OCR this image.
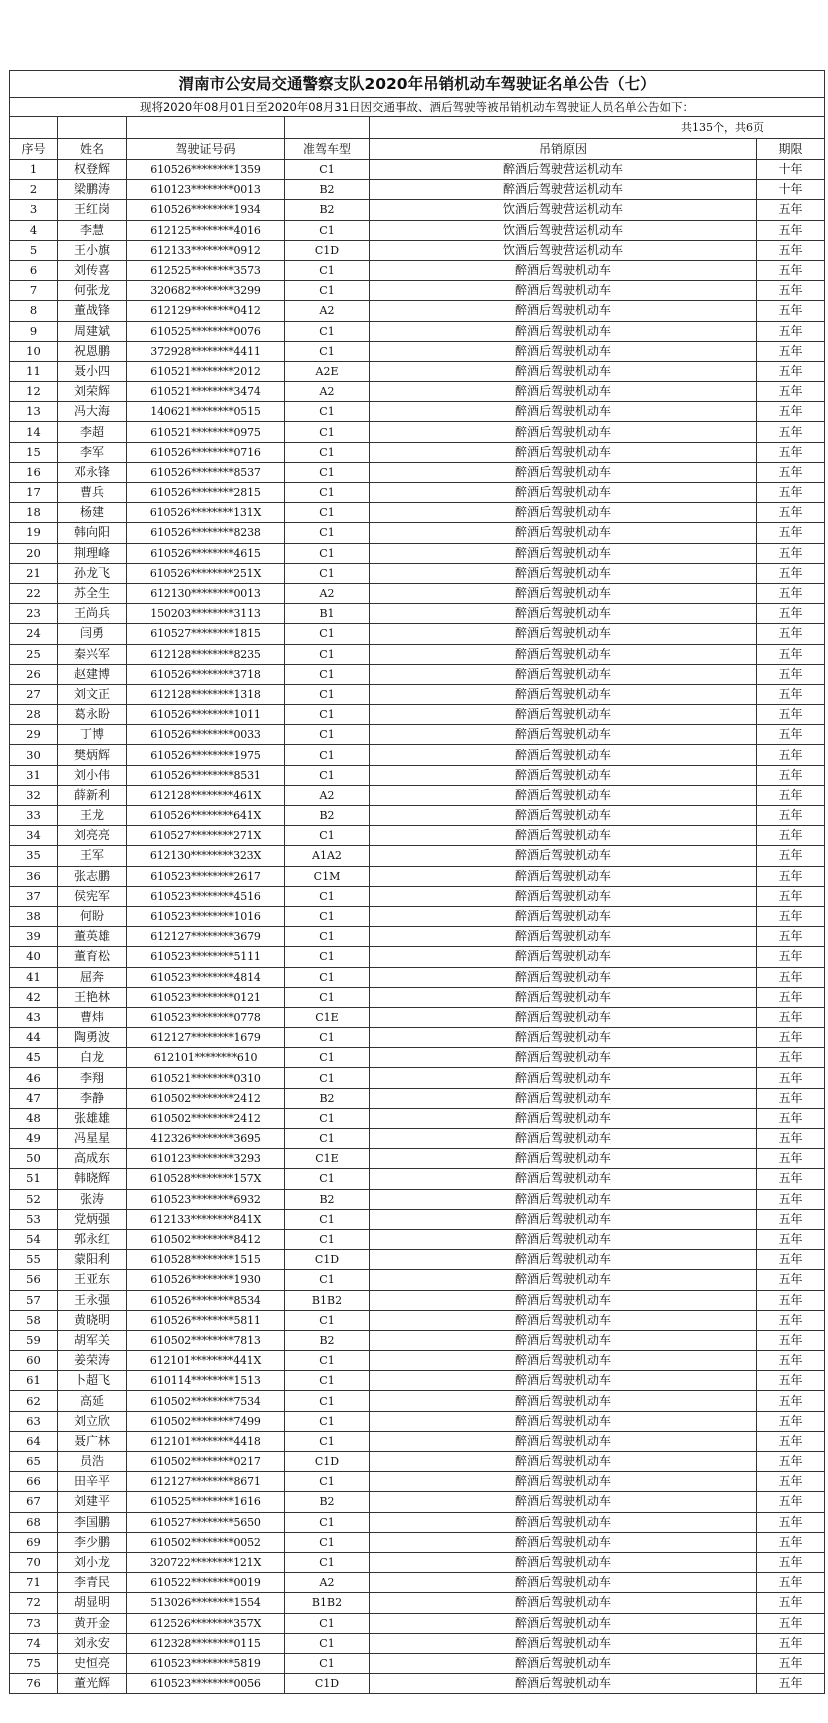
渭南市公安局交通警察支队2020年吊销机动车驾驶证名单公告（七）					
现将2020年08月01日至2020年08月31日因交通事故、酒后驾驶等被吊销机动车驾驶证人员名单公告如下：					
				共135个，共6页	
序号	姓名	驾驶证号码	准驾车型	吊销原因	期限
1	权登辉	610526********1359	C1	醉酒后驾驶营运机动车	十年
2	梁鹏涛	610123********0013	B2	醉酒后驾驶营运机动车	十年
3	王红岗	610526********1934	B2	饮酒后驾驶营运机动车	五年
4	李慧	612125********4016	C1	饮酒后驾驶营运机动车	五年
5	王小旗	612133********0912	C1D	饮酒后驾驶营运机动车	五年
6	刘传喜	612525********3573	C1	醉酒后驾驶机动车	五年
7	何张龙	320682********3299	C1	醉酒后驾驶机动车	五年
8	董战锋	612129********0412	A2	醉酒后驾驶机动车	五年
9	周建斌	610525********0076	C1	醉酒后驾驶机动车	五年
10	祝恩鹏	372928********4411	C1	醉酒后驾驶机动车	五年
11	聂小四	610521********2012	A2E	醉酒后驾驶机动车	五年
12	刘荣辉	610521********3474	A2	醉酒后驾驶机动车	五年
13	冯大海	140621********0515	C1	醉酒后驾驶机动车	五年
14	李超	610521********0975	C1	醉酒后驾驶机动车	五年
15	李军	610526********0716	C1	醉酒后驾驶机动车	五年
16	邓永锋	610526********8537	C1	醉酒后驾驶机动车	五年
17	曹兵	610526********2815	C1	醉酒后驾驶机动车	五年
18	杨建	610526********131X	C1	醉酒后驾驶机动车	五年
19	韩向阳	610526********8238	C1	醉酒后驾驶机动车	五年
20	荆理峰	610526********4615	C1	醉酒后驾驶机动车	五年
21	孙龙飞	610526********251X	C1	醉酒后驾驶机动车	五年
22	苏全生	612130********0013	A2	醉酒后驾驶机动车	五年
23	王尚兵	150203********3113	B1	醉酒后驾驶机动车	五年
24	闫勇	610527********1815	C1	醉酒后驾驶机动车	五年
25	秦兴军	612128********8235	C1	醉酒后驾驶机动车	五年
26	赵建博	610526********3718	C1	醉酒后驾驶机动车	五年
27	刘文正	612128********1318	C1	醉酒后驾驶机动车	五年
28	葛永盼	610526********1011	C1	醉酒后驾驶机动车	五年
29	丁博	610526********0033	C1	醉酒后驾驶机动车	五年
30	樊炳辉	610526********1975	C1	醉酒后驾驶机动车	五年
31	刘小伟	610526********8531	C1	醉酒后驾驶机动车	五年
32	薛新利	612128********461X	A2	醉酒后驾驶机动车	五年
33	王龙	610526********641X	B2	醉酒后驾驶机动车	五年
34	刘亮亮	610527********271X	C1	醉酒后驾驶机动车	五年
35	王军	612130********323X	A1A2	醉酒后驾驶机动车	五年
36	张志鹏	610523********2617	C1M	醉酒后驾驶机动车	五年
37	侯宪军	610523********4516	C1	醉酒后驾驶机动车	五年
38	何盼	610523********1016	C1	醉酒后驾驶机动车	五年
39	董英雄	612127********3679	C1	醉酒后驾驶机动车	五年
40	董育松	610523********5111	C1	醉酒后驾驶机动车	五年
41	屈奔	610523********4814	C1	醉酒后驾驶机动车	五年
42	王艳林	610523********0121	C1	醉酒后驾驶机动车	五年
43	曹炜	610523********0778	C1E	醉酒后驾驶机动车	五年
44	陶勇波	612127********1679	C1	醉酒后驾驶机动车	五年
45	白龙	612101********610	C1	醉酒后驾驶机动车	五年
46	李翔	610521********0310	C1	醉酒后驾驶机动车	五年
47	李静	610502********2412	B2	醉酒后驾驶机动车	五年
48	张雄雄	610502********2412	C1	醉酒后驾驶机动车	五年
49	冯星星	412326********3695	C1	醉酒后驾驶机动车	五年
50	高成东	610123********3293	C1E	醉酒后驾驶机动车	五年
51	韩晓辉	610528********157X	C1	醉酒后驾驶机动车	五年
52	张涛	610523********6932	B2	醉酒后驾驶机动车	五年
53	党炳强	612133********841X	C1	醉酒后驾驶机动车	五年
54	郭永红	610502********8412	C1	醉酒后驾驶机动车	五年
55	蒙阳利	610528********1515	C1D	醉酒后驾驶机动车	五年
56	王亚东	610526********1930	C1	醉酒后驾驶机动车	五年
57	王永强	610526********8534	B1B2	醉酒后驾驶机动车	五年
58	黄晓明	610526********5811	C1	醉酒后驾驶机动车	五年
59	胡军关	610502********7813	B2	醉酒后驾驶机动车	五年
60	姜荣涛	612101********441X	C1	醉酒后驾驶机动车	五年
61	卜超飞	610114********1513	C1	醉酒后驾驶机动车	五年
62	高延	610502********7534	C1	醉酒后驾驶机动车	五年
63	刘立欣	610502********7499	C1	醉酒后驾驶机动车	五年
64	聂广林	612101********4418	C1	醉酒后驾驶机动车	五年
65	员浩	610502********0217	C1D	醉酒后驾驶机动车	五年
66	田辛平	612127********8671	C1	醉酒后驾驶机动车	五年
67	刘建平	610525********1616	B2	醉酒后驾驶机动车	五年
68	李国鹏	610527********5650	C1	醉酒后驾驶机动车	五年
69	李少鹏	610502********0052	C1	醉酒后驾驶机动车	五年
70	刘小龙	320722********121X	C1	醉酒后驾驶机动车	五年
71	李青民	610522********0019	A2	醉酒后驾驶机动车	五年
72	胡显明	513026********1554	B1B2	醉酒后驾驶机动车	五年
73	黄开金	612526********357X	C1	醉酒后驾驶机动车	五年
74	刘永安	612328********0115	C1	醉酒后驾驶机动车	五年
75	史恒亮	610523********5819	C1	醉酒后驾驶机动车	五年
76	董光辉	610523********0056	C1D	醉酒后驾驶机动车	五年
